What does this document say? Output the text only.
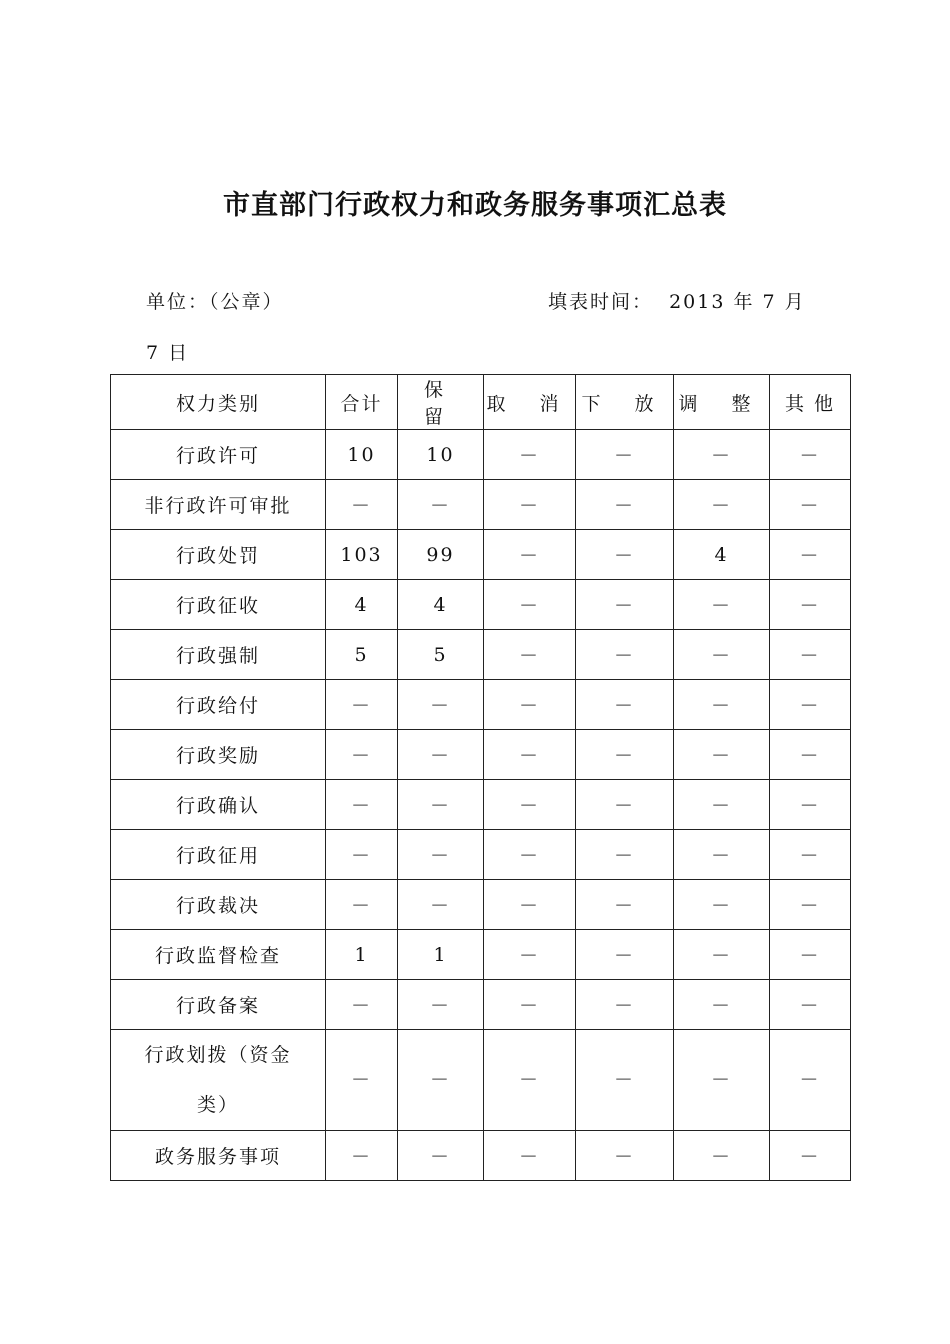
市直部门行政权力和政务服务事项汇总表
单位：（公章）	填表时间：  2013 年 7 月
7 日
权力类别	合计	保 留	取 消	下 放	调 整	其 他
行政许可	10	10	－	－	－	－
非行政许可审批	－	－	－	－	－	－
行政处罚	103	99	－	－	4	－
行政征收	4	4	－	－	－	－
行政强制	5	5	－	－	－	－
行政给付	－	－	－	－	－	－
行政奖励	－	－	－	－	－	－
行政确认	－	－	－	－	－	－
行政征用	－	－	－	－	－	－
行政裁决	－	－	－	－	－	－
行政监督检查	1	1	－	－	－	－
行政备案	－	－	－	－	－	－
行政划拨（资金类）	－	－	－	－	－	－
政务服务事项	－	－	－	－	－	－
